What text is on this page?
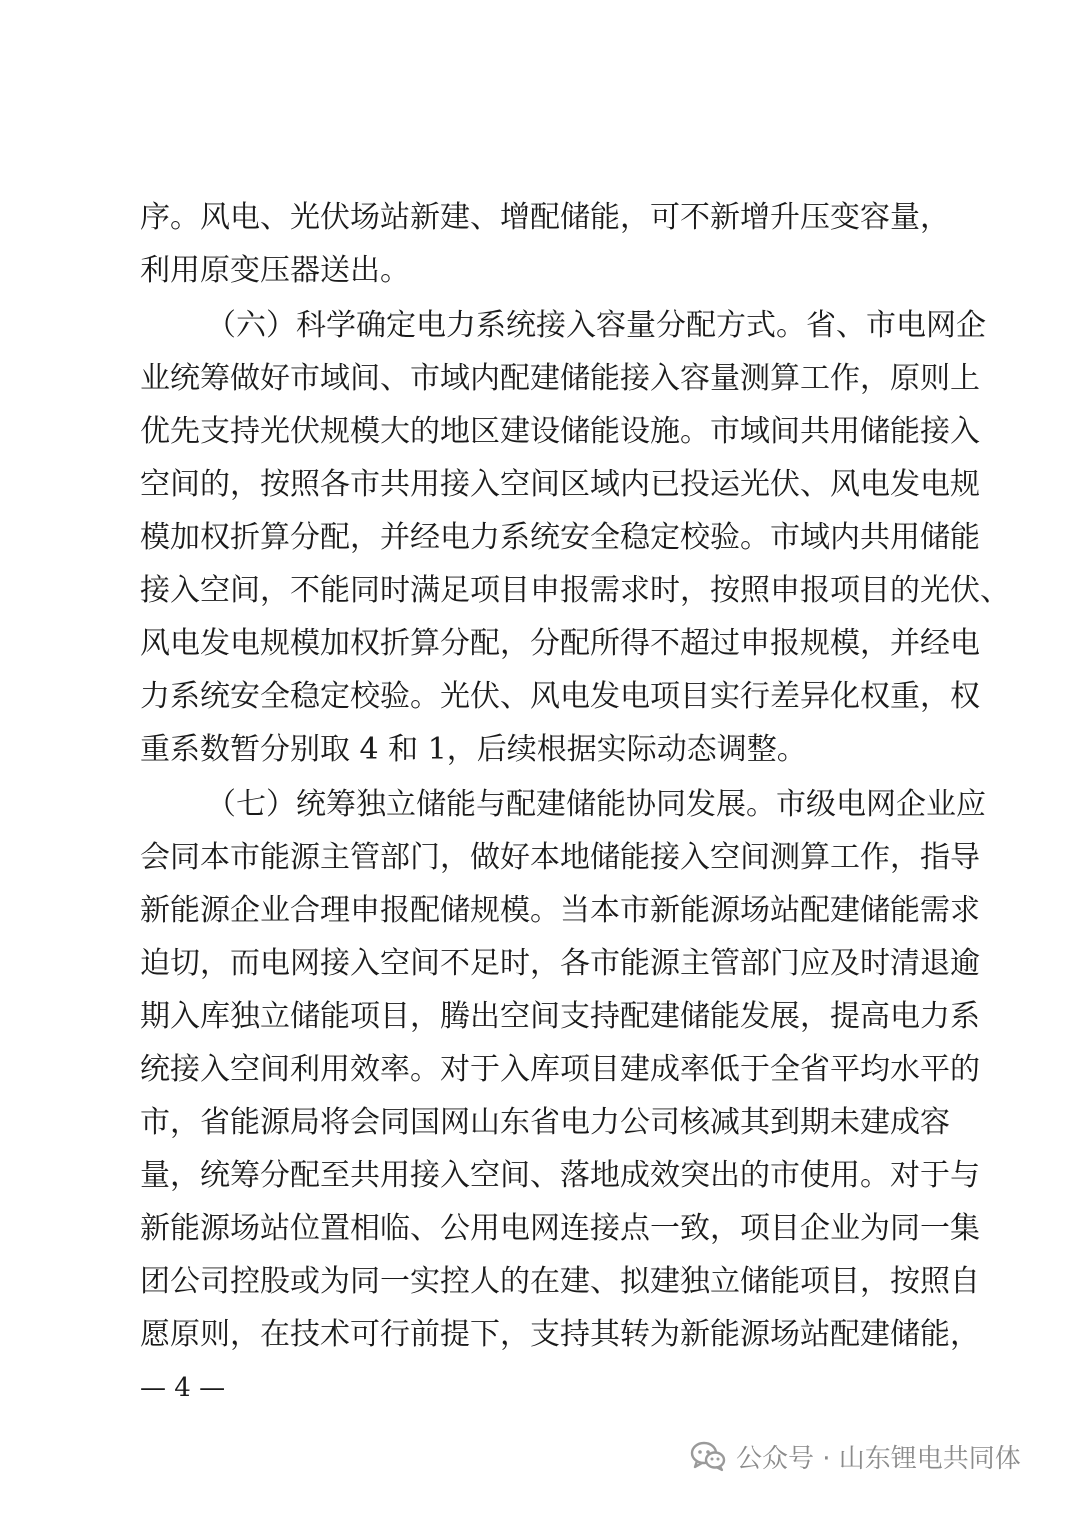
序。风电、光伏场站新建、增配储能，可不新增升压变容量，
利用原变压器送出。
（六）科学确定电力系统接入容量分配方式。省、市电网企
业统筹做好市域间、市域内配建储能接入容量测算工作，原则上
优先支持光伏规模大的地区建设储能设施。市域间共用储能接入
空间的，按照各市共用接入空间区域内已投运光伏、风电发电规
模加权折算分配，并经电力系统安全稳定校验。市域内共用储能
接入空间，不能同时满足项目申报需求时，按照申报项目的光伏、
风电发电规模加权折算分配，分配所得不超过申报规模，并经电
力系统安全稳定校验。光伏、风电发电项目实行差异化权重，权
重系数暂分别取 4 和 1，后续根据实际动态调整。
（七）统筹独立储能与配建储能协同发展。市级电网企业应
会同本市能源主管部门，做好本地储能接入空间测算工作，指导
新能源企业合理申报配储规模。当本市新能源场站配建储能需求
迫切，而电网接入空间不足时，各市能源主管部门应及时清退逾
期入库独立储能项目，腾出空间支持配建储能发展，提高电力系
统接入空间利用效率。对于入库项目建成率低于全省平均水平的
市，省能源局将会同国网山东省电力公司核减其到期未建成容
量，统筹分配至共用接入空间、落地成效突出的市使用。对于与
新能源场站位置相临、公用电网连接点一致，项目企业为同一集
团公司控股或为同一实控人的在建、拟建独立储能项目，按照自
愿原则，在技术可行前提下，支持其转为新能源场站配建储能，
— 4 —
公众号 · 山东锂电共同体
